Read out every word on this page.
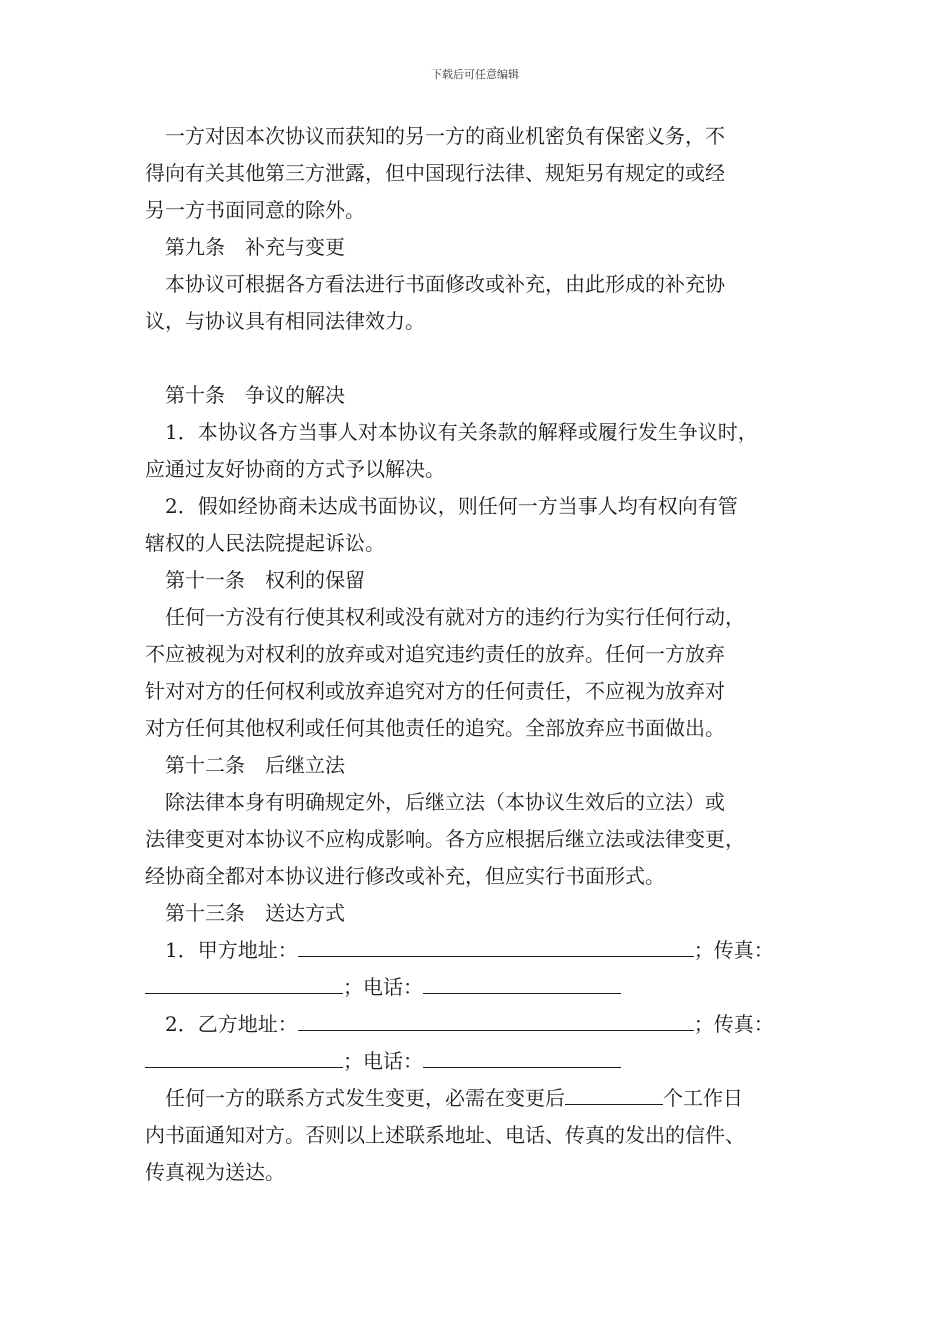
下载后可任意编辑
一方对因本次协议而获知的另一方的商业机密负有保密义务，不
得向有关其他第三方泄露，但中国现行法律、规矩另有规定的或经
另一方书面同意的除外。
第九条　补充与变更
本协议可根据各方看法进行书面修改或补充，由此形成的补充协
议，与协议具有相同法律效力。
第十条　争议的解决
1．本协议各方当事人对本协议有关条款的解释或履行发生争议时，
应通过友好协商的方式予以解决。
2．假如经协商未达成书面协议，则任何一方当事人均有权向有管
辖权的人民法院提起诉讼。
第十一条　权利的保留
任何一方没有行使其权利或没有就对方的违约行为实行任何行动，
不应被视为对权利的放弃或对追究违约责任的放弃。任何一方放弃
针对对方的任何权利或放弃追究对方的任何责任，不应视为放弃对
对方任何其他权利或任何其他责任的追究。全部放弃应书面做出。
第十二条　后继立法
除法律本身有明确规定外，后继立法（本协议生效后的立法）或
法律变更对本协议不应构成影响。各方应根据后继立法或法律变更，
经协商全都对本协议进行修改或补充，但应实行书面形式。
第十三条　送达方式
1．甲方地址：	；传真：
；电话：
2．乙方地址：	；传真：
；电话：
任何一方的联系方式发生变更，必需在变更后	个工作日
内书面通知对方。否则以上述联系地址、电话、传真的发出的信件、
传真视为送达。
